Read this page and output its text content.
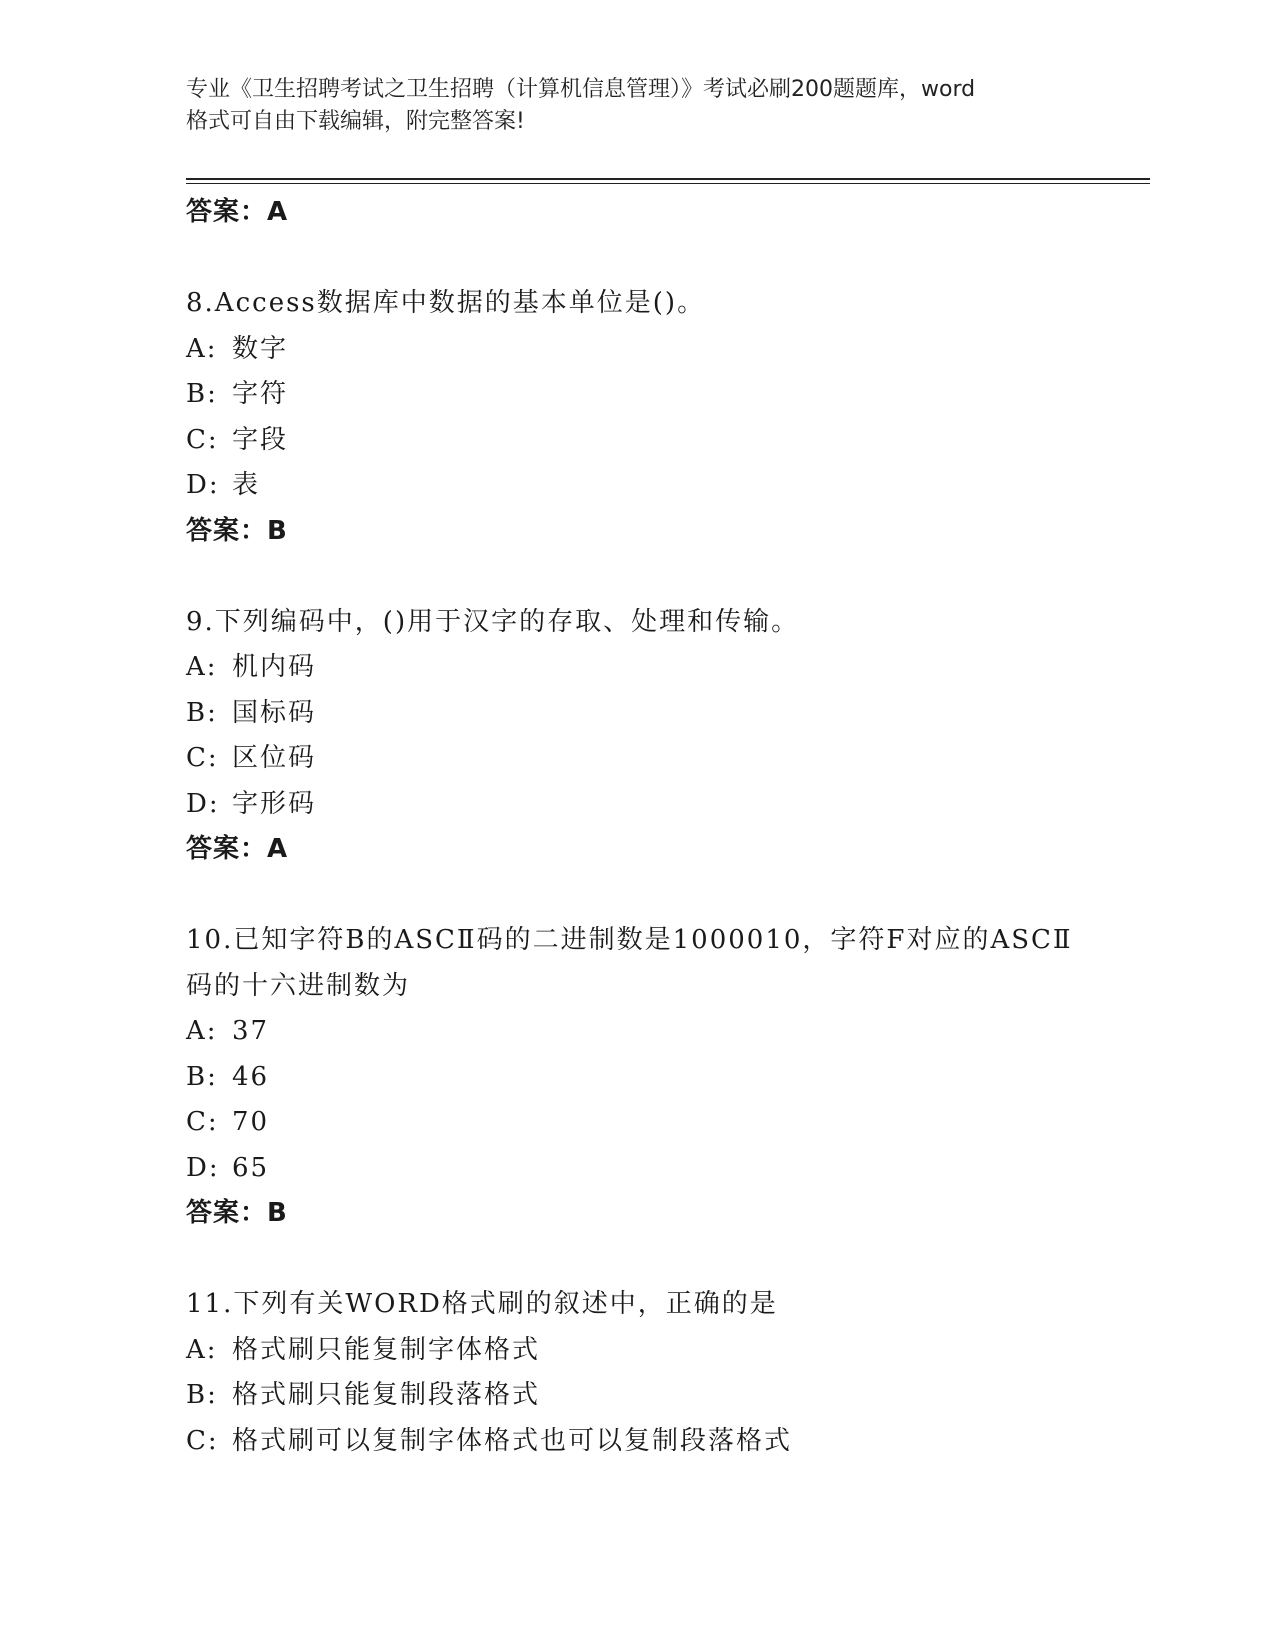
专业《卫生招聘考试之卫生招聘（计算机信息管理）》考试必刷200题题库，word
格式可自由下载编辑，附完整答案!
答案：A
8.Access数据库中数据的基本单位是()。
A: 数字
B: 字符
C: 字段
D: 表
答案：B
9.下列编码中，()用于汉字的存取、处理和传输。
A: 机内码
B: 国标码
C: 区位码
D: 字形码
答案：A
10.已知字符B的ASCⅡ码的二进制数是1000010，字符F对应的ASCⅡ
码的十六进制数为
A: 37
B: 46
C: 70
D: 65
答案：B
11.下列有关WORD格式刷的叙述中，正确的是
A: 格式刷只能复制字体格式
B: 格式刷只能复制段落格式
C: 格式刷可以复制字体格式也可以复制段落格式
